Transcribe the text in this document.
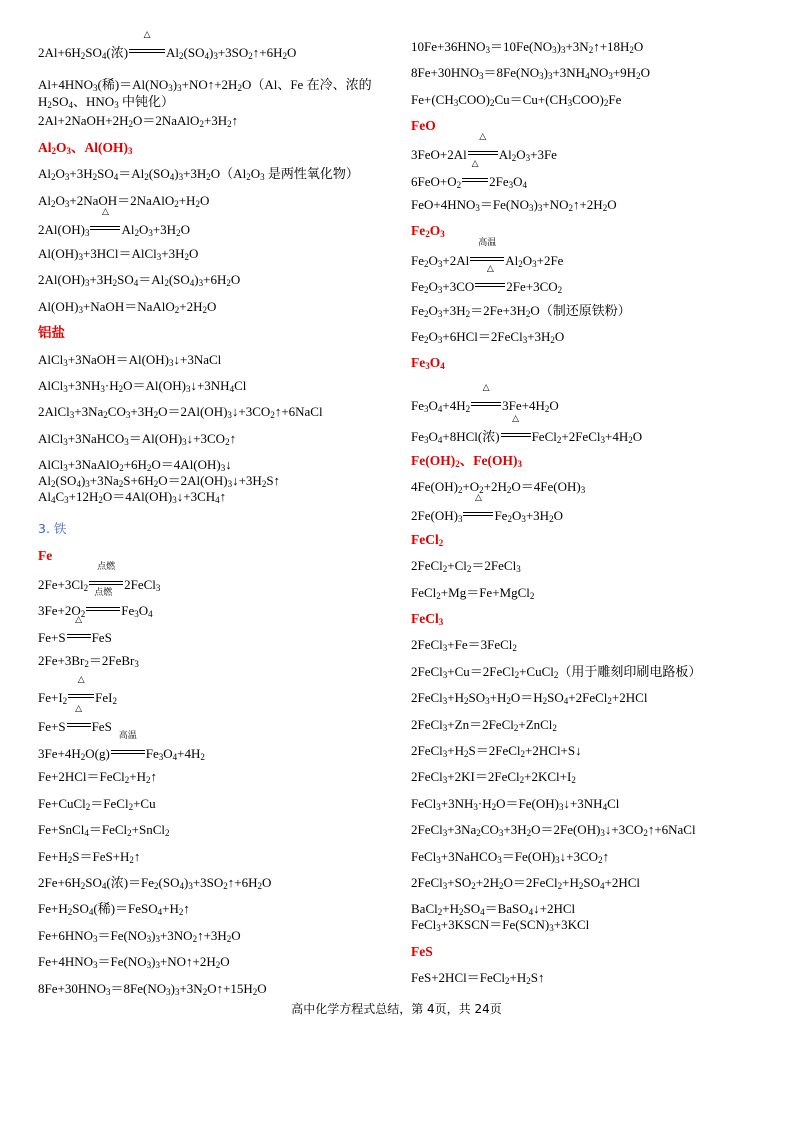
$2Al+6H_2SO_4$(浓)
△
$Al_2(SO_4)_3+3SO_2↑+6H_2O$
$Al+4HNO_3$(稀)$=Al(NO_3)_3+NO↑+2H_2O(Al$、Fe 在冷、浓的 $H_2SO_4$、$HNO_3$ 中钝化）
$2Al+2NaOH+2H_2O=2NaAlO_2+3H_2↑$
$Al_2O_3$、$Al(OH)_3$
$Al_2O_3+3H_2SO_4=Al_2(SO_4)_3+3H_2O(Al_2O_3$ 是两性氧化物）
$Al_2O_3+2NaOH=2NaAlO_2+H_2O$
$2Al(OH)_3$
△
$Al_2O_3+3H_2O$
$Al(OH)_3+3HCl=AlCl_3+3H_2O$
$2Al(OH)_3+3H_2SO_4=Al_2(SO_4)_3+6H_2O$
$Al(OH)_3+NaOH=NaAlO_2+2H_2O$
铝盐
$AlCl_3+3NaOH=Al(OH)_3↓+3NaCl$
$AlCl_3+3NH_3\cdot H_2O=Al(OH)_3↓+3NH_4Cl$
$2AlCl_3+3Na_2CO_3+3H_2O=2Al(OH)_3↓+3CO_2↑+6NaCl$
$AlCl_3+3NaHCO_3=Al(OH)_3↓+3CO_2↑$
$AlCl_3+3NaAlO_2+6H_2O=4Al(OH)_3↓$
$Al_2(SO_4)_3+3Na_2S+6H_2O=2Al(OH)_3↓+3H_2S↑$
$Al_4C_3+12H_2O=4Al(OH)_3↓+3CH_4↑$
3. 铁
Fe
$2Fe+3Cl_2$
点燃
2FeCl$_3$
$3Fe+2O_2$
点燃
$Fe_3O_4$
Fe+S
△
FeS
$2Fe+3Br_2=2FeBr_3$
$Fe+I_2$
△
FeI$_2$
Fe+S
△
FeS
$3Fe+4H_2O(g)$
高温
$Fe_3O_4+4H_2$
$Fe+2HCl=FeCl_2+H_2↑$
Fe+CuCl$_2$＝FeCl$_2$+Cu
Fe+SnCl$_4$＝FeCl$_2$+SnCl$_2$
$Fe+H_2S=FeS+H_2↑$
$2Fe+6H_2SO_4$(浓)$=Fe_2(SO_4)_3+3SO_2↑+6H_2O$
$Fe+H_2SO_4$(稀)$=FeSO_4+H_2↑$
$Fe+6HNO_3=Fe(NO_3)_3+3NO_2↑+3H_2O$
$Fe+4HNO_3=Fe(NO_3)_3+NO↑+2H_2O$
$8Fe+30HNO_3=8Fe(NO_3)_3+3N_2O↑+15H_2O$
$10Fe+36HNO_3=10Fe(NO_3)_3+3N_2↑+18H_2O$
$8Fe+30HNO_3=8Fe(NO_3)_3+3NH_4NO_3+9H_2O$
$Fe+(CH_3COO)_2Cu=Cu+(CH_3COO)_2Fe$
FeO
3FeO+2Al
△
$Al_2O_3+3Fe$
$6FeO+O_2$
△
$2Fe_3O_4$
$FeO+4HNO_3=Fe(NO_3)_3+NO_2↑+2H_2O$
$Fe_2O_3$
$Fe_2O_3+2Al$
高温
$Al_2O_3+2Fe$
$Fe_2O_3+3CO$
△
$2Fe+3CO_2$
$Fe_2O_3+3H_2=2Fe+3H_2O$（制还原铁粉）
$Fe_2O_3+6HCl=2FeCl_3+3H_2O$
$Fe_3O_4$
$Fe_3O_4+4H_2$
△
$3Fe+4H_2O$
$Fe_3O_4+8HCl$(浓)
△
$FeCl_2+2FeCl_3+4H_2O$
$Fe(OH)_2$、$Fe(OH)_3$
$4Fe(OH)_2+O_2+2H_2O=4Fe(OH)_3$
$2Fe(OH)_3$
△
$Fe_2O_3+3H_2O$
FeCl$_2$
$2FeCl_2+Cl_2=2FeCl_3$
FeCl$_2$+Mg＝Fe+MgCl$_2$
FeCl$_3$
2FeCl$_3$+Fe＝3FeCl$_2$
2FeCl$_3$+Cu＝2FeCl$_2$+CuCl$_2$（用于雕刻印刷电路板）
$2FeCl_3+H_2SO_3+H_2O=H_2SO_4+2FeCl_2+2HCl$
2FeCl$_3$+Zn＝2FeCl$_2$+ZnCl$_2$
$2FeCl_3+H_2S=2FeCl_2+2HCl+S↓$
$2FeCl_3+2KI=2FeCl_2+2KCl+I_2$
$FeCl_3+3NH_3\cdot H_2O=Fe(OH)_3↓+3NH_4Cl$
$2FeCl_3+3Na_2CO_3+3H_2O=2Fe(OH)_3↓+3CO_2↑+6NaCl$
$FeCl_3+3NaHCO_3=Fe(OH)_3↓+3CO_2↑$
$2FeCl_3+SO_2+2H_2O=2FeCl_2+H_2SO_4+2HCl$
$BaCl_2+H_2SO_4=BaSO_4↓+2HCl$
$FeCl_3+3KSCN=Fe(SCN)_3+3KCl$
FeS
$FeS+2HCl=FeCl_2+H_2S↑$
高中化学方程式总结，第 4页，共 24页
